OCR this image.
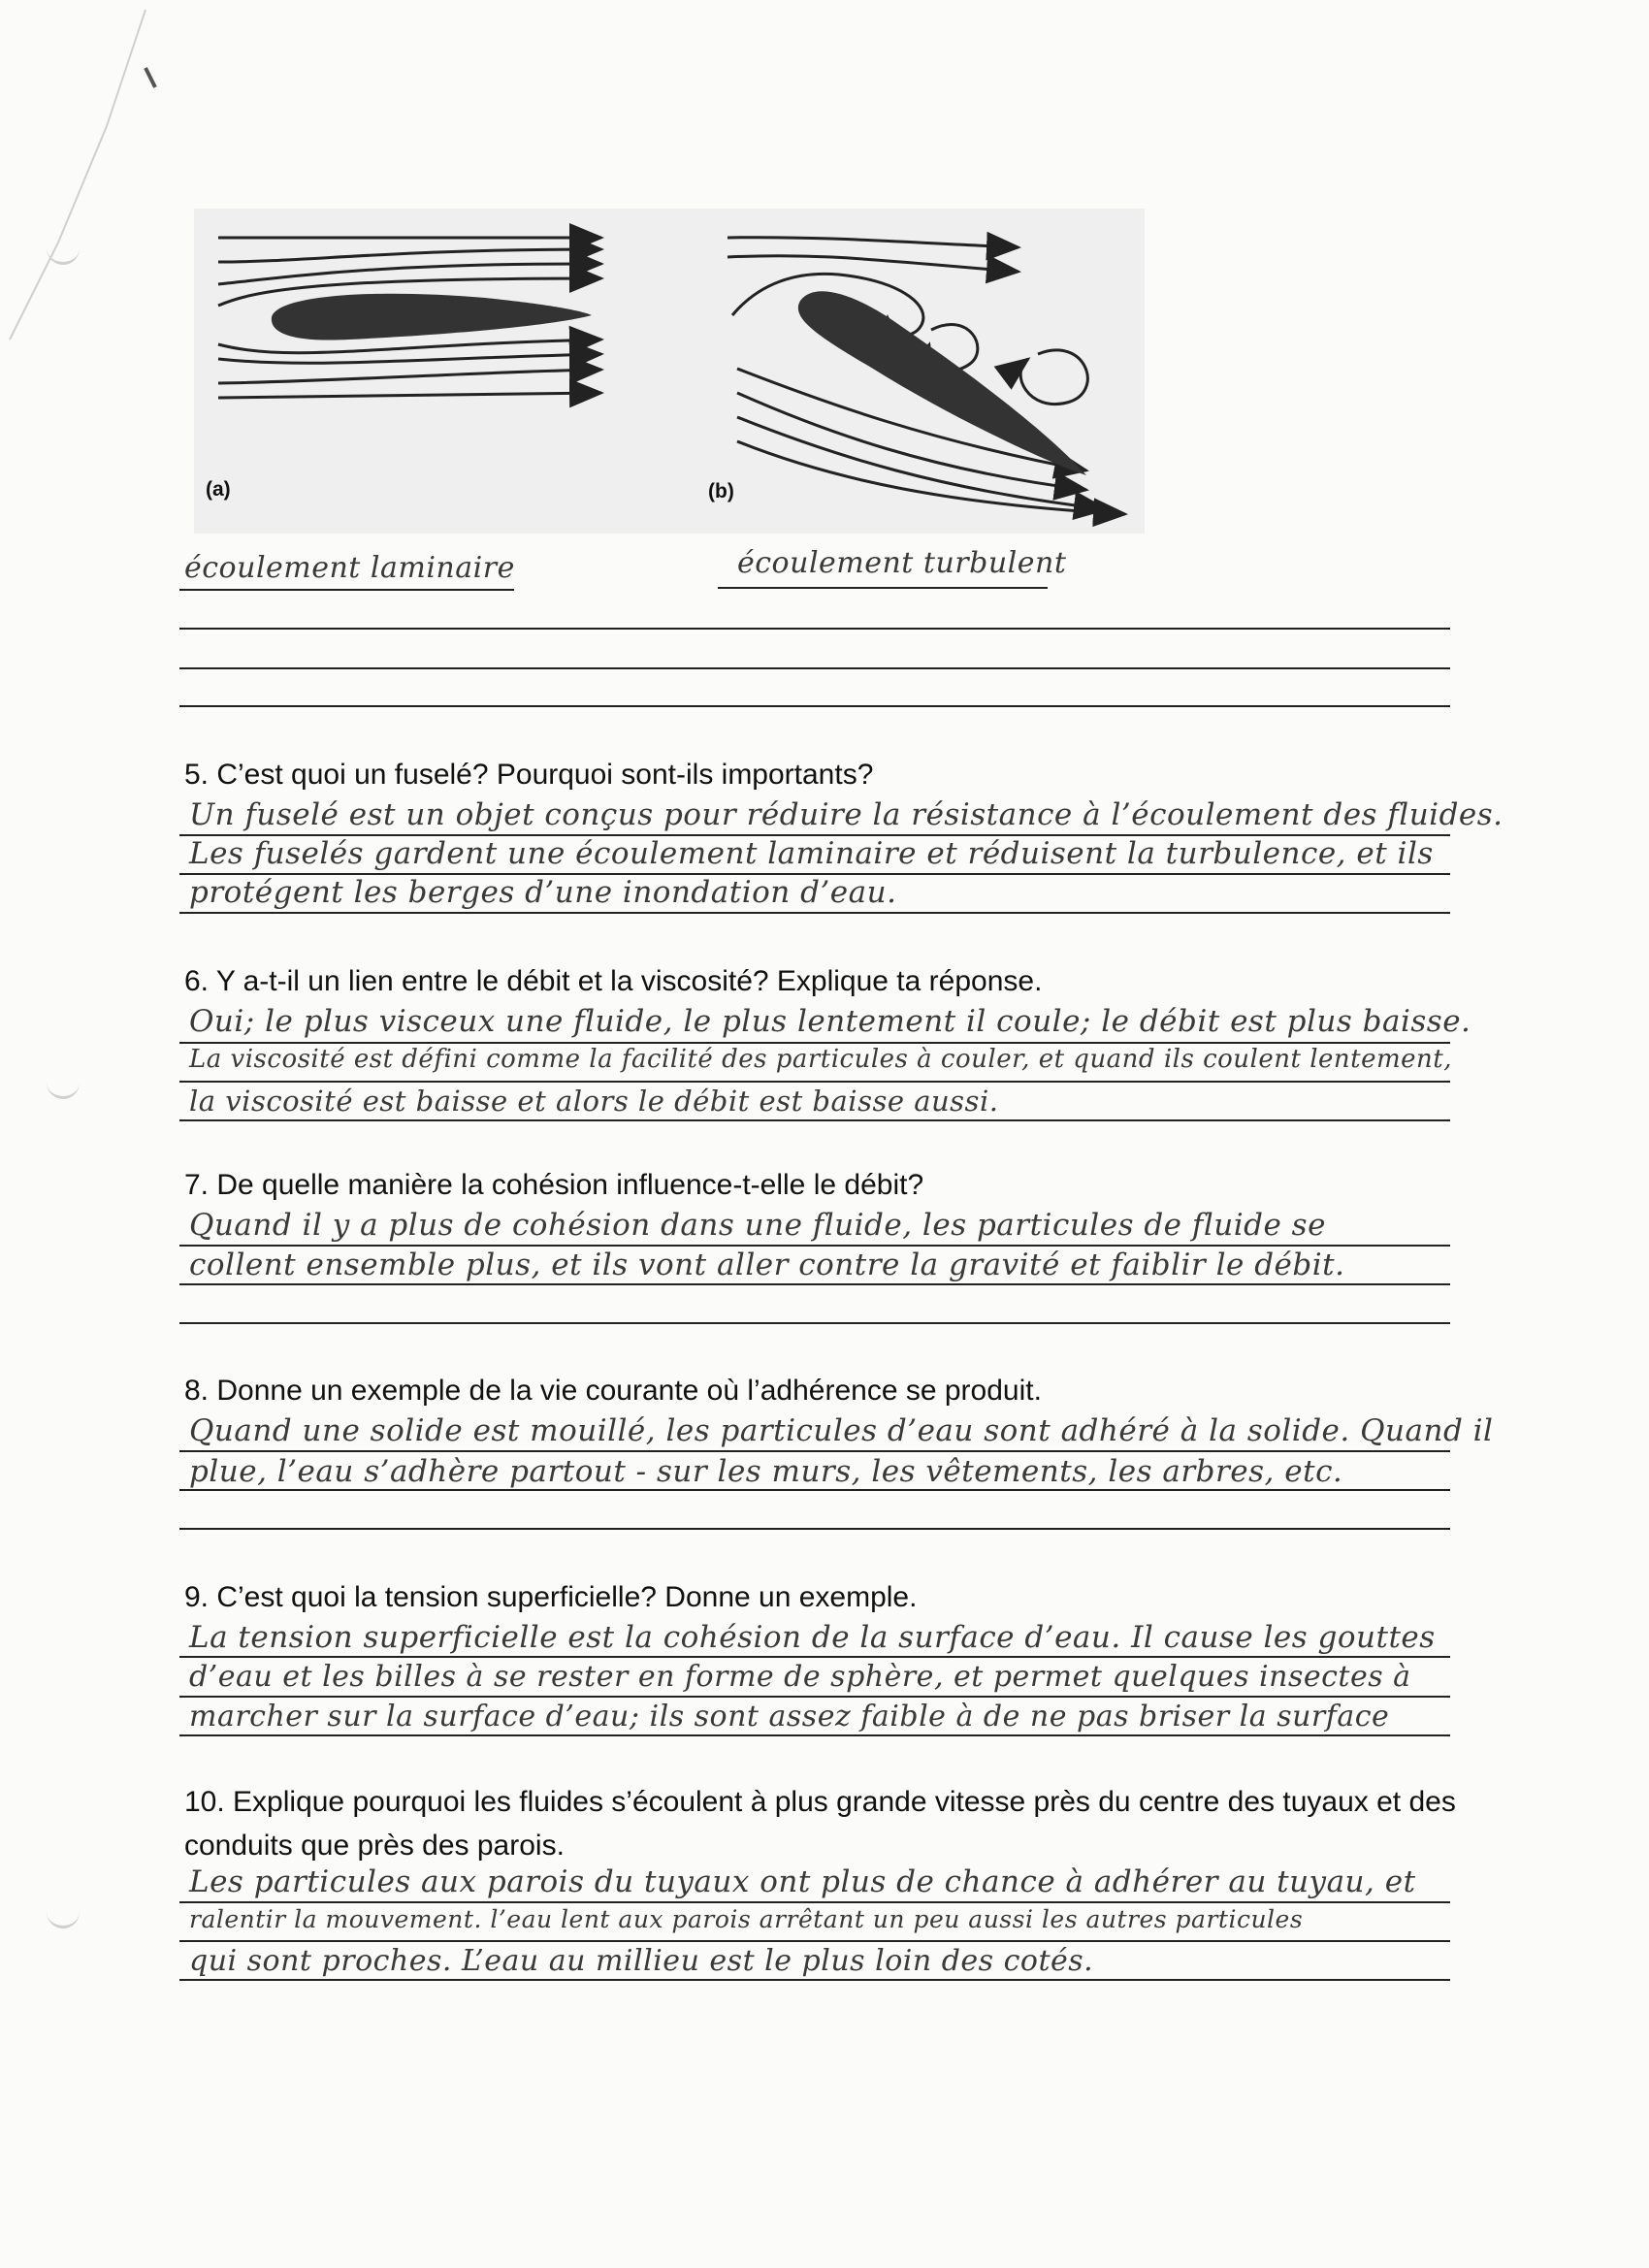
(a)	(b)
écoulement laminaire	écoulement turbulent
5. C’est quoi un fuselé? Pourquoi sont-ils importants?
Un fuselé est un objet conçus pour réduire la résistance à l’écoulement des fluides.
Les fuselés gardent une écoulement laminaire et réduisent la turbulence, et ils
protégent les berges d’une inondation d’eau.
6. Y a-t-il un lien entre le débit et la viscosité? Explique ta réponse.
Oui; le plus visceux une fluide, le plus lentement il coule; le débit est plus baisse.
La viscosité est défini comme la facilité des particules à couler, et quand ils coulent lentement,
la viscosité est baisse et alors le débit est baisse aussi.
7. De quelle manière la cohésion influence-t-elle le débit?
Quand il y a plus de cohésion dans une fluide, les particules de fluide se
collent ensemble plus, et ils vont aller contre la gravité et faiblir le débit.
8. Donne un exemple de la vie courante où l’adhérence se produit.
Quand une solide est mouillé, les particules d’eau sont adhéré à la solide. Quand il
plue, l’eau s’adhère partout - sur les murs, les vêtements, les arbres, etc.
9. C’est quoi la tension superficielle? Donne un exemple.
La tension superficielle est la cohésion de la surface d’eau. Il cause les gouttes
d’eau et les billes à se rester en forme de sphère, et permet quelques insectes à
marcher sur la surface d’eau; ils sont assez faible à de ne pas briser la surface
10. Explique pourquoi les fluides s’écoulent à plus grande vitesse près du centre des tuyaux et des conduits que près des parois.
Les particules aux parois du tuyaux ont plus de chance à adhérer au tuyau, et
ralentir la mouvement. l’eau lent aux parois arrêtant un peu aussi les autres particules
qui sont proches. L’eau au millieu est le plus loin des cotés.
